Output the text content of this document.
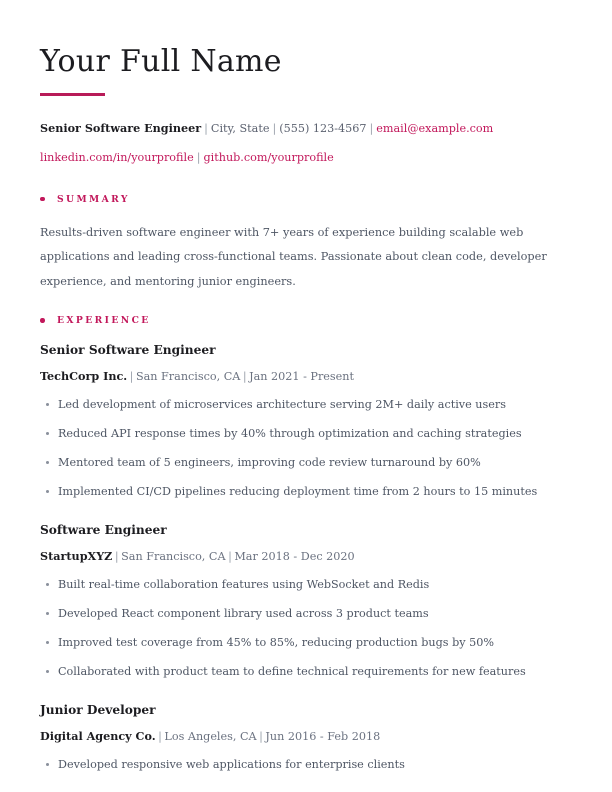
Your Full Name
Senior Software Engineer | City, State | (555) 123-4567 | email@example.com
linkedin.com/in/yourprofile | github.com/yourprofile
SUMMARY

Results-driven software engineer with 7+ years of experience building scalable web applications and leading cross-functional teams. Passionate about clean code, developer experience, and mentoring junior engineers.

EXPERIENCE
Senior Software Engineer
TechCorp Inc. | San Francisco, CA | Jan 2021 - Present
Led development of microservices architecture serving 2M+ daily active users
Reduced API response times by 40% through optimization and caching strategies
Mentored team of 5 engineers, improving code review turnaround by 60%
Implemented CI/CD pipelines reducing deployment time from 2 hours to 15 minutes
Software Engineer
StartupXYZ | San Francisco, CA | Mar 2018 - Dec 2020
Built real-time collaboration features using WebSocket and Redis
Developed React component library used across 3 product teams
Improved test coverage from 45% to 85%, reducing production bugs by 50%
Collaborated with product team to define technical requirements for new features
Junior Developer
Digital Agency Co. | Los Angeles, CA | Jun 2016 - Feb 2018
Developed responsive web applications for enterprise clients
